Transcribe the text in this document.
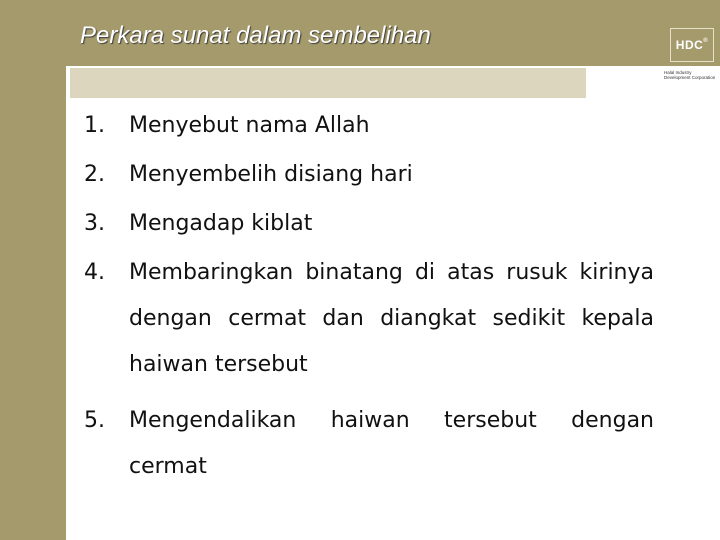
Perkara sunat dalam sembelihan	HDC®
Halal Industry
Development Corporation
1. Menyebut nama Allah
2. Menyembelih disiang hari
3. Mengadap kiblat
4. Membaringkan binatang di atas rusuk kirinya dengan cermat dan diangkat sedikit kepala haiwan tersebut
5. Mengendalikan haiwan tersebut dengan cermat
